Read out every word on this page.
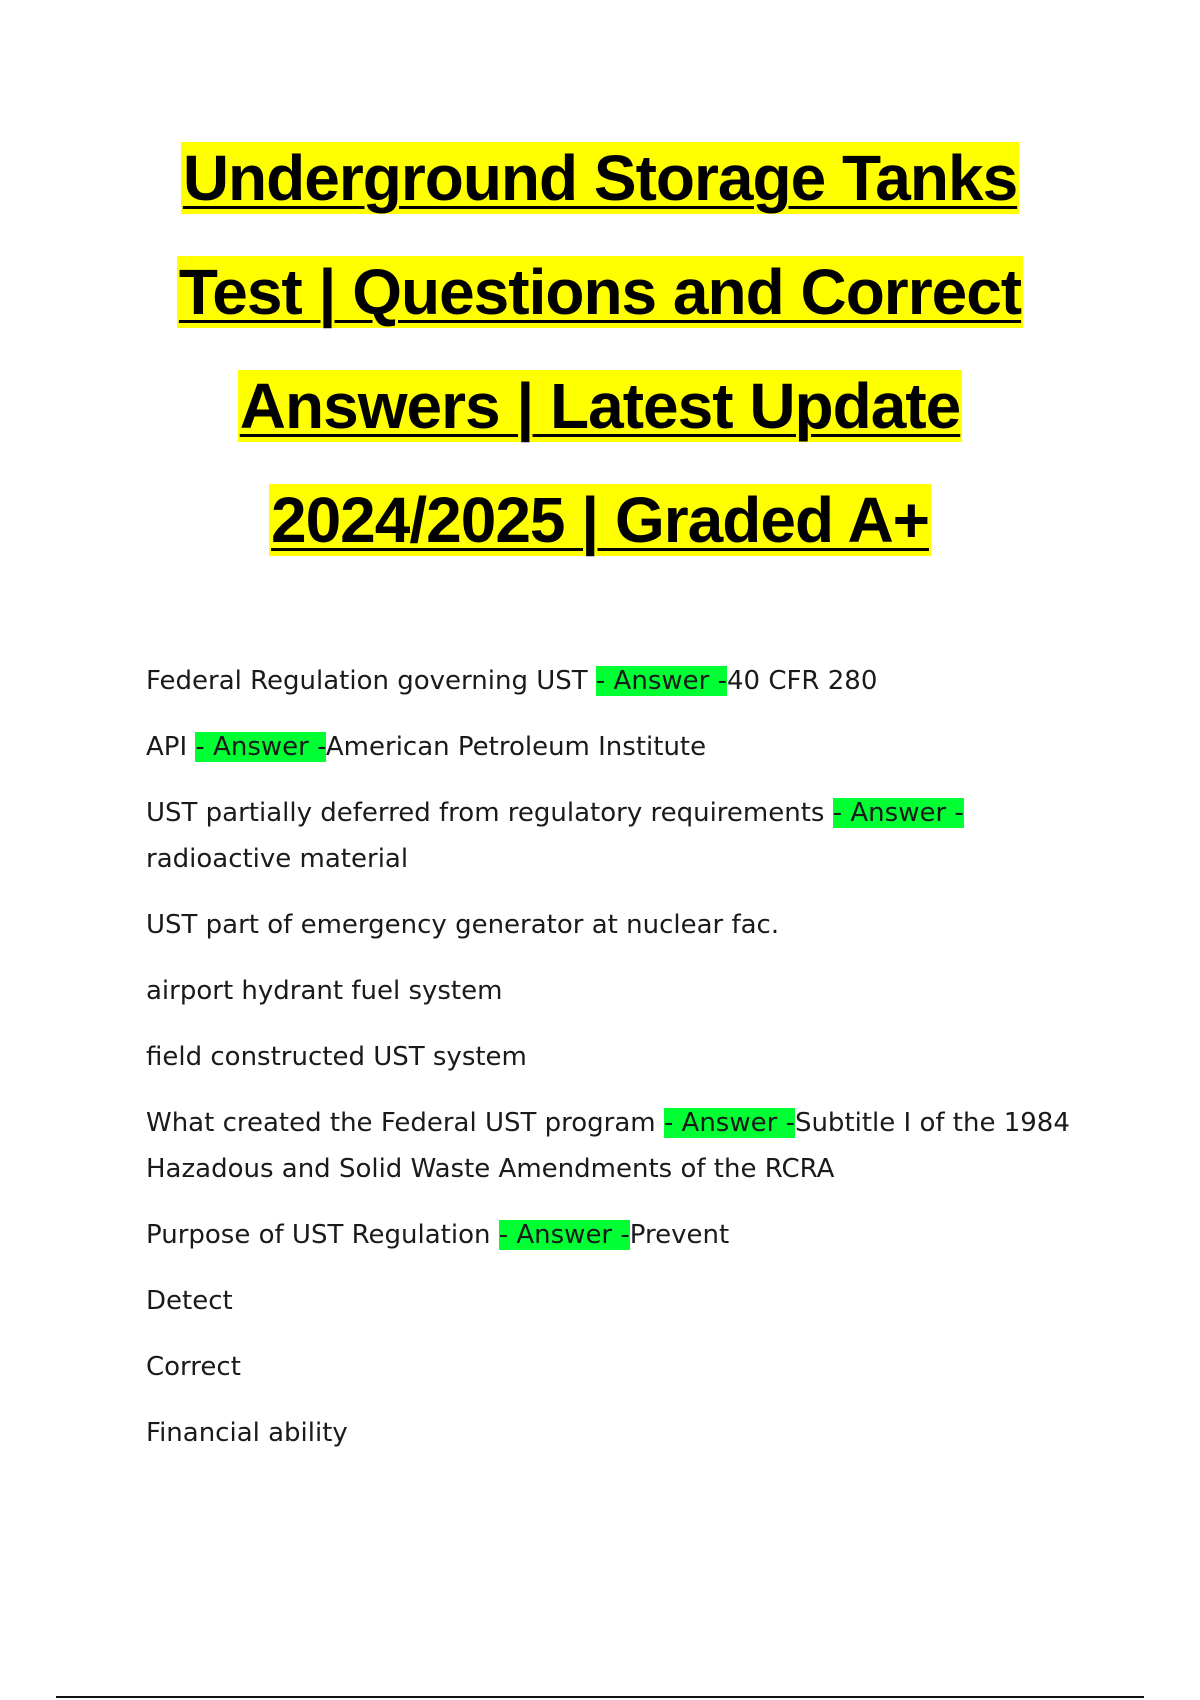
Underground Storage Tanks
Test | Questions and Correct
Answers | Latest Update
2024/2025 | Graded A+
Federal Regulation governing UST - Answer -40 CFR 280
API - Answer -American Petroleum Institute
UST partially deferred from regulatory requirements - Answer -
radioactive material
UST part of emergency generator at nuclear fac.
airport hydrant fuel system
field constructed UST system
What created the Federal UST program - Answer -Subtitle I of the 1984 Hazadous and Solid Waste Amendments of the RCRA
Purpose of UST Regulation - Answer -Prevent
Detect
Correct
Financial ability
